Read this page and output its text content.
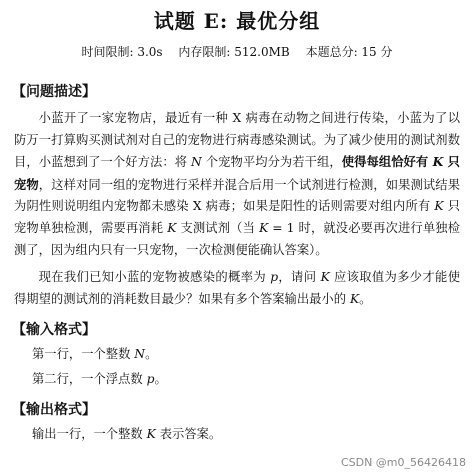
试题 E: 最优分组
时间限制: 3.0s 内存限制: 512.0MB 本题总分: 15 分
【问题描述】

小蓝开了一家宠物店，最近有一种 X 病毒在动物之间进行传染，小蓝为了以防万一打算购买测试剂对自己的宠物进行病毒感染测试。为了减少使用的测试剂数目，小蓝想到了一个好方法：将 N 个宠物平均分为若干组，使得每组恰好有 K 只宠物，这样对同一组的宠物进行采样并混合后用一个试剂进行检测，如果测试结果为阴性则说明组内宠物都未感染 X 病毒；如果是阳性的话则需要对组内所有 K 只宠物单独检测，需要再消耗 K 支测试剂（当 K = 1 时，就没必要再次进行单独检测了，因为组内只有一只宠物，一次检测便能确认答案）。

现在我们已知小蓝的宠物被感染的概率为 p，请问 K 应该取值为多少才能使得期望的测试剂的消耗数目最少？如果有多个答案输出最小的 K。

【输入格式】
第一行，一个整数 N。
第二行，一个浮点数 p。
【输出格式】
输出一行，一个整数 K 表示答案。
CSDN @m0_56426418
